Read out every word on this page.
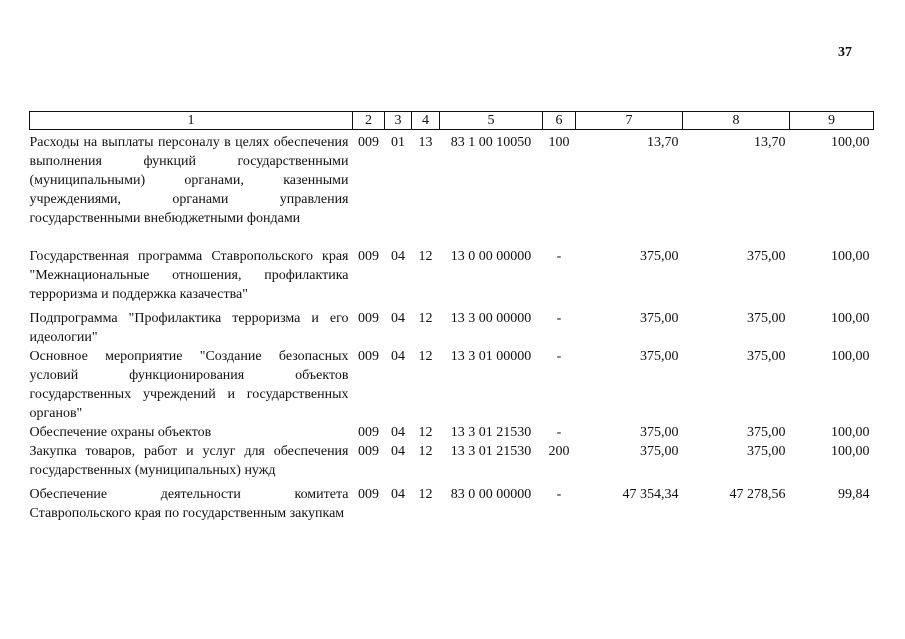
37
1	2	3	4	5	6	7	8	9
Расходы на выплаты персоналу в целях обеспечения выполнения функций государственными (муниципальными) органами, казенными учреждениями, органами управления государственными внебюджетными фондами	009	01	13	83 1 00 10050	100	13,70	13,70	100,00
Государственная программа Ставропольского края "Межнациональные отношения, профилактика терроризма и поддержка казачества"	009	04	12	13 0 00 00000	-	375,00	375,00	100,00
Подпрограмма "Профилактика терроризма и его идеологии"	009	04	12	13 3 00 00000	-	375,00	375,00	100,00
Основное мероприятие "Создание безопасных условий функционирования объектов государственных учреждений и государственных органов"	009	04	12	13 3 01 00000	-	375,00	375,00	100,00
Обеспечение охраны объектов	009	04	12	13 3 01 21530	-	375,00	375,00	100,00
Закупка товаров, работ и услуг для обеспечения государственных (муниципальных) нужд	009	04	12	13 3 01 21530	200	375,00	375,00	100,00
Обеспечение деятельности комитета Ставропольского края по государственным закупкам	009	04	12	83 0 00 00000	-	47 354,34	47 278,56	99,84
